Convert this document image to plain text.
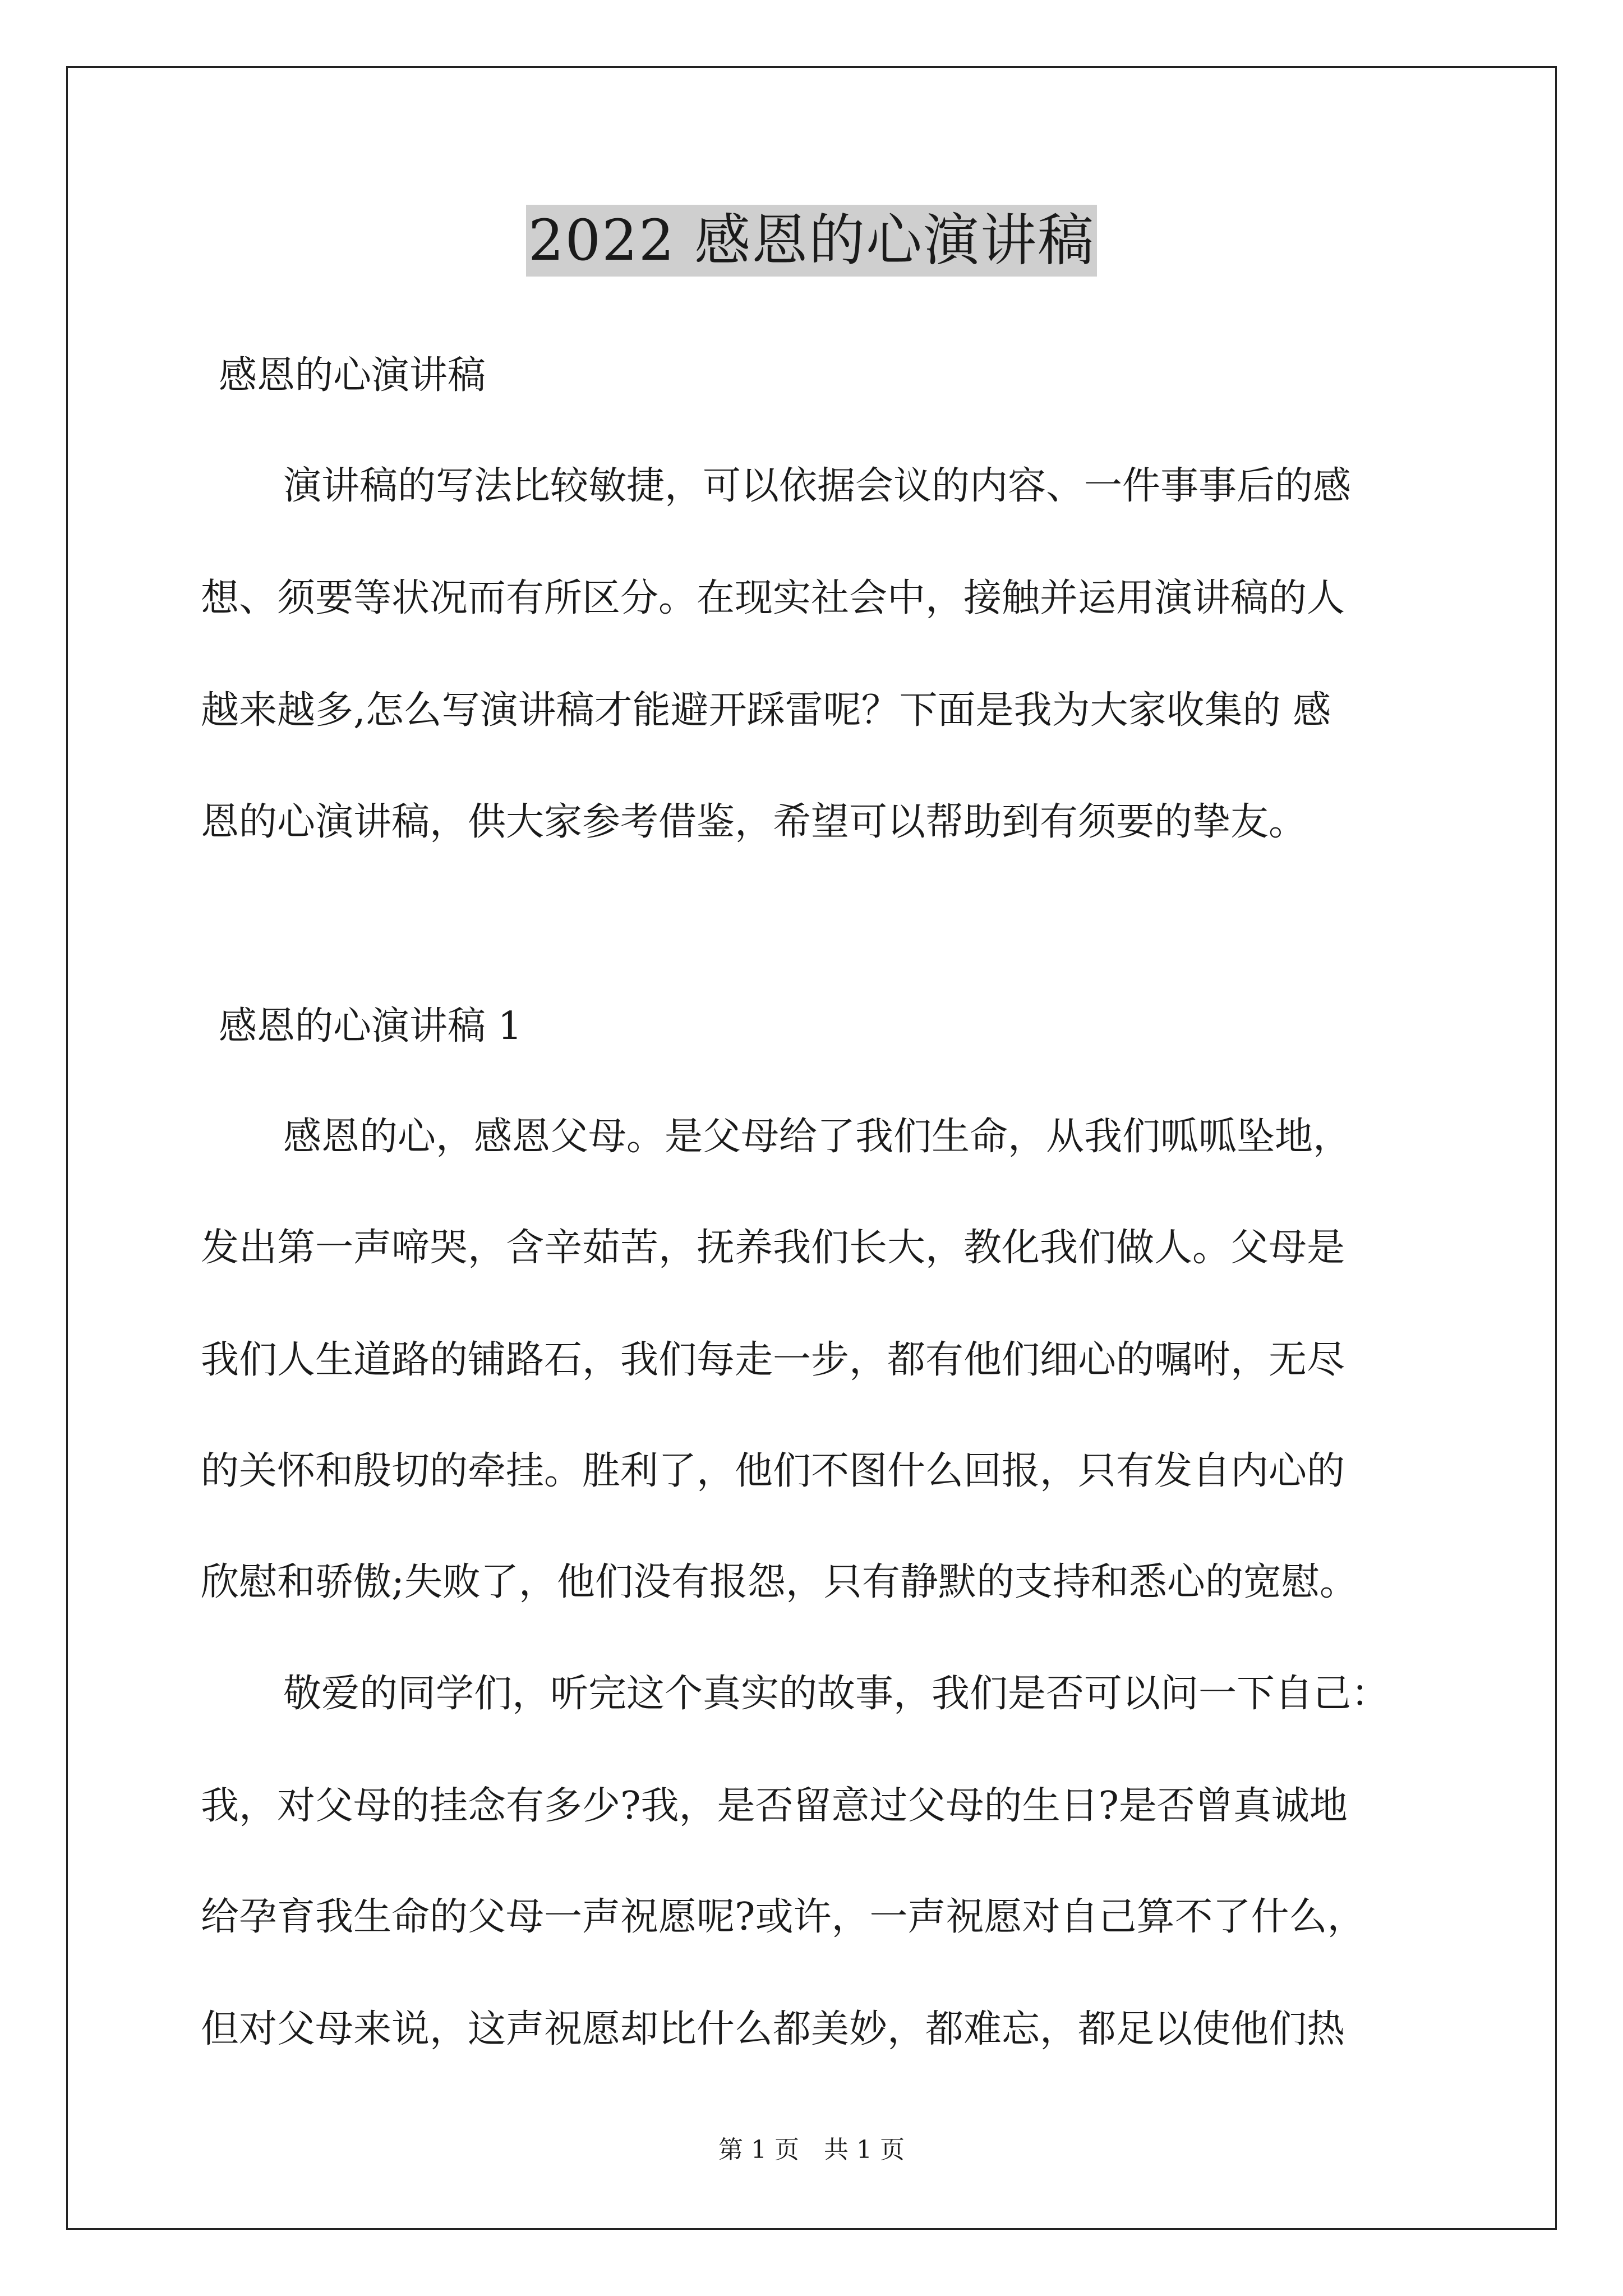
2022 感恩的心演讲稿
感恩的心演讲稿
演讲稿的写法比较敏捷，可以依据会议的内容、一件事事后的感
想、须要等状况而有所区分。在现实社会中，接触并运用演讲稿的人
越来越多,怎么写演讲稿才能避开踩雷呢？下面是我为大家收集的 感
恩的心演讲稿，供大家参考借鉴，希望可以帮助到有须要的挚友。
感恩的心演讲稿 1
感恩的心，感恩父母。是父母给了我们生命，从我们呱呱坠地，
发出第一声啼哭，含辛茹苦，抚养我们长大，教化我们做人。父母是
我们人生道路的铺路石，我们每走一步，都有他们细心的嘱咐，无尽
的关怀和殷切的牵挂。胜利了，他们不图什么回报，只有发自内心的
欣慰和骄傲;失败了，他们没有报怨，只有静默的支持和悉心的宽慰。
敬爱的同学们，听完这个真实的故事，我们是否可以问一下自己：
我，对父母的挂念有多少?我，是否留意过父母的生日?是否曾真诚地
给孕育我生命的父母一声祝愿呢?或许，一声祝愿对自己算不了什么，
但对父母来说，这声祝愿却比什么都美妙，都难忘，都足以使他们热
第 1 页　共 1 页
